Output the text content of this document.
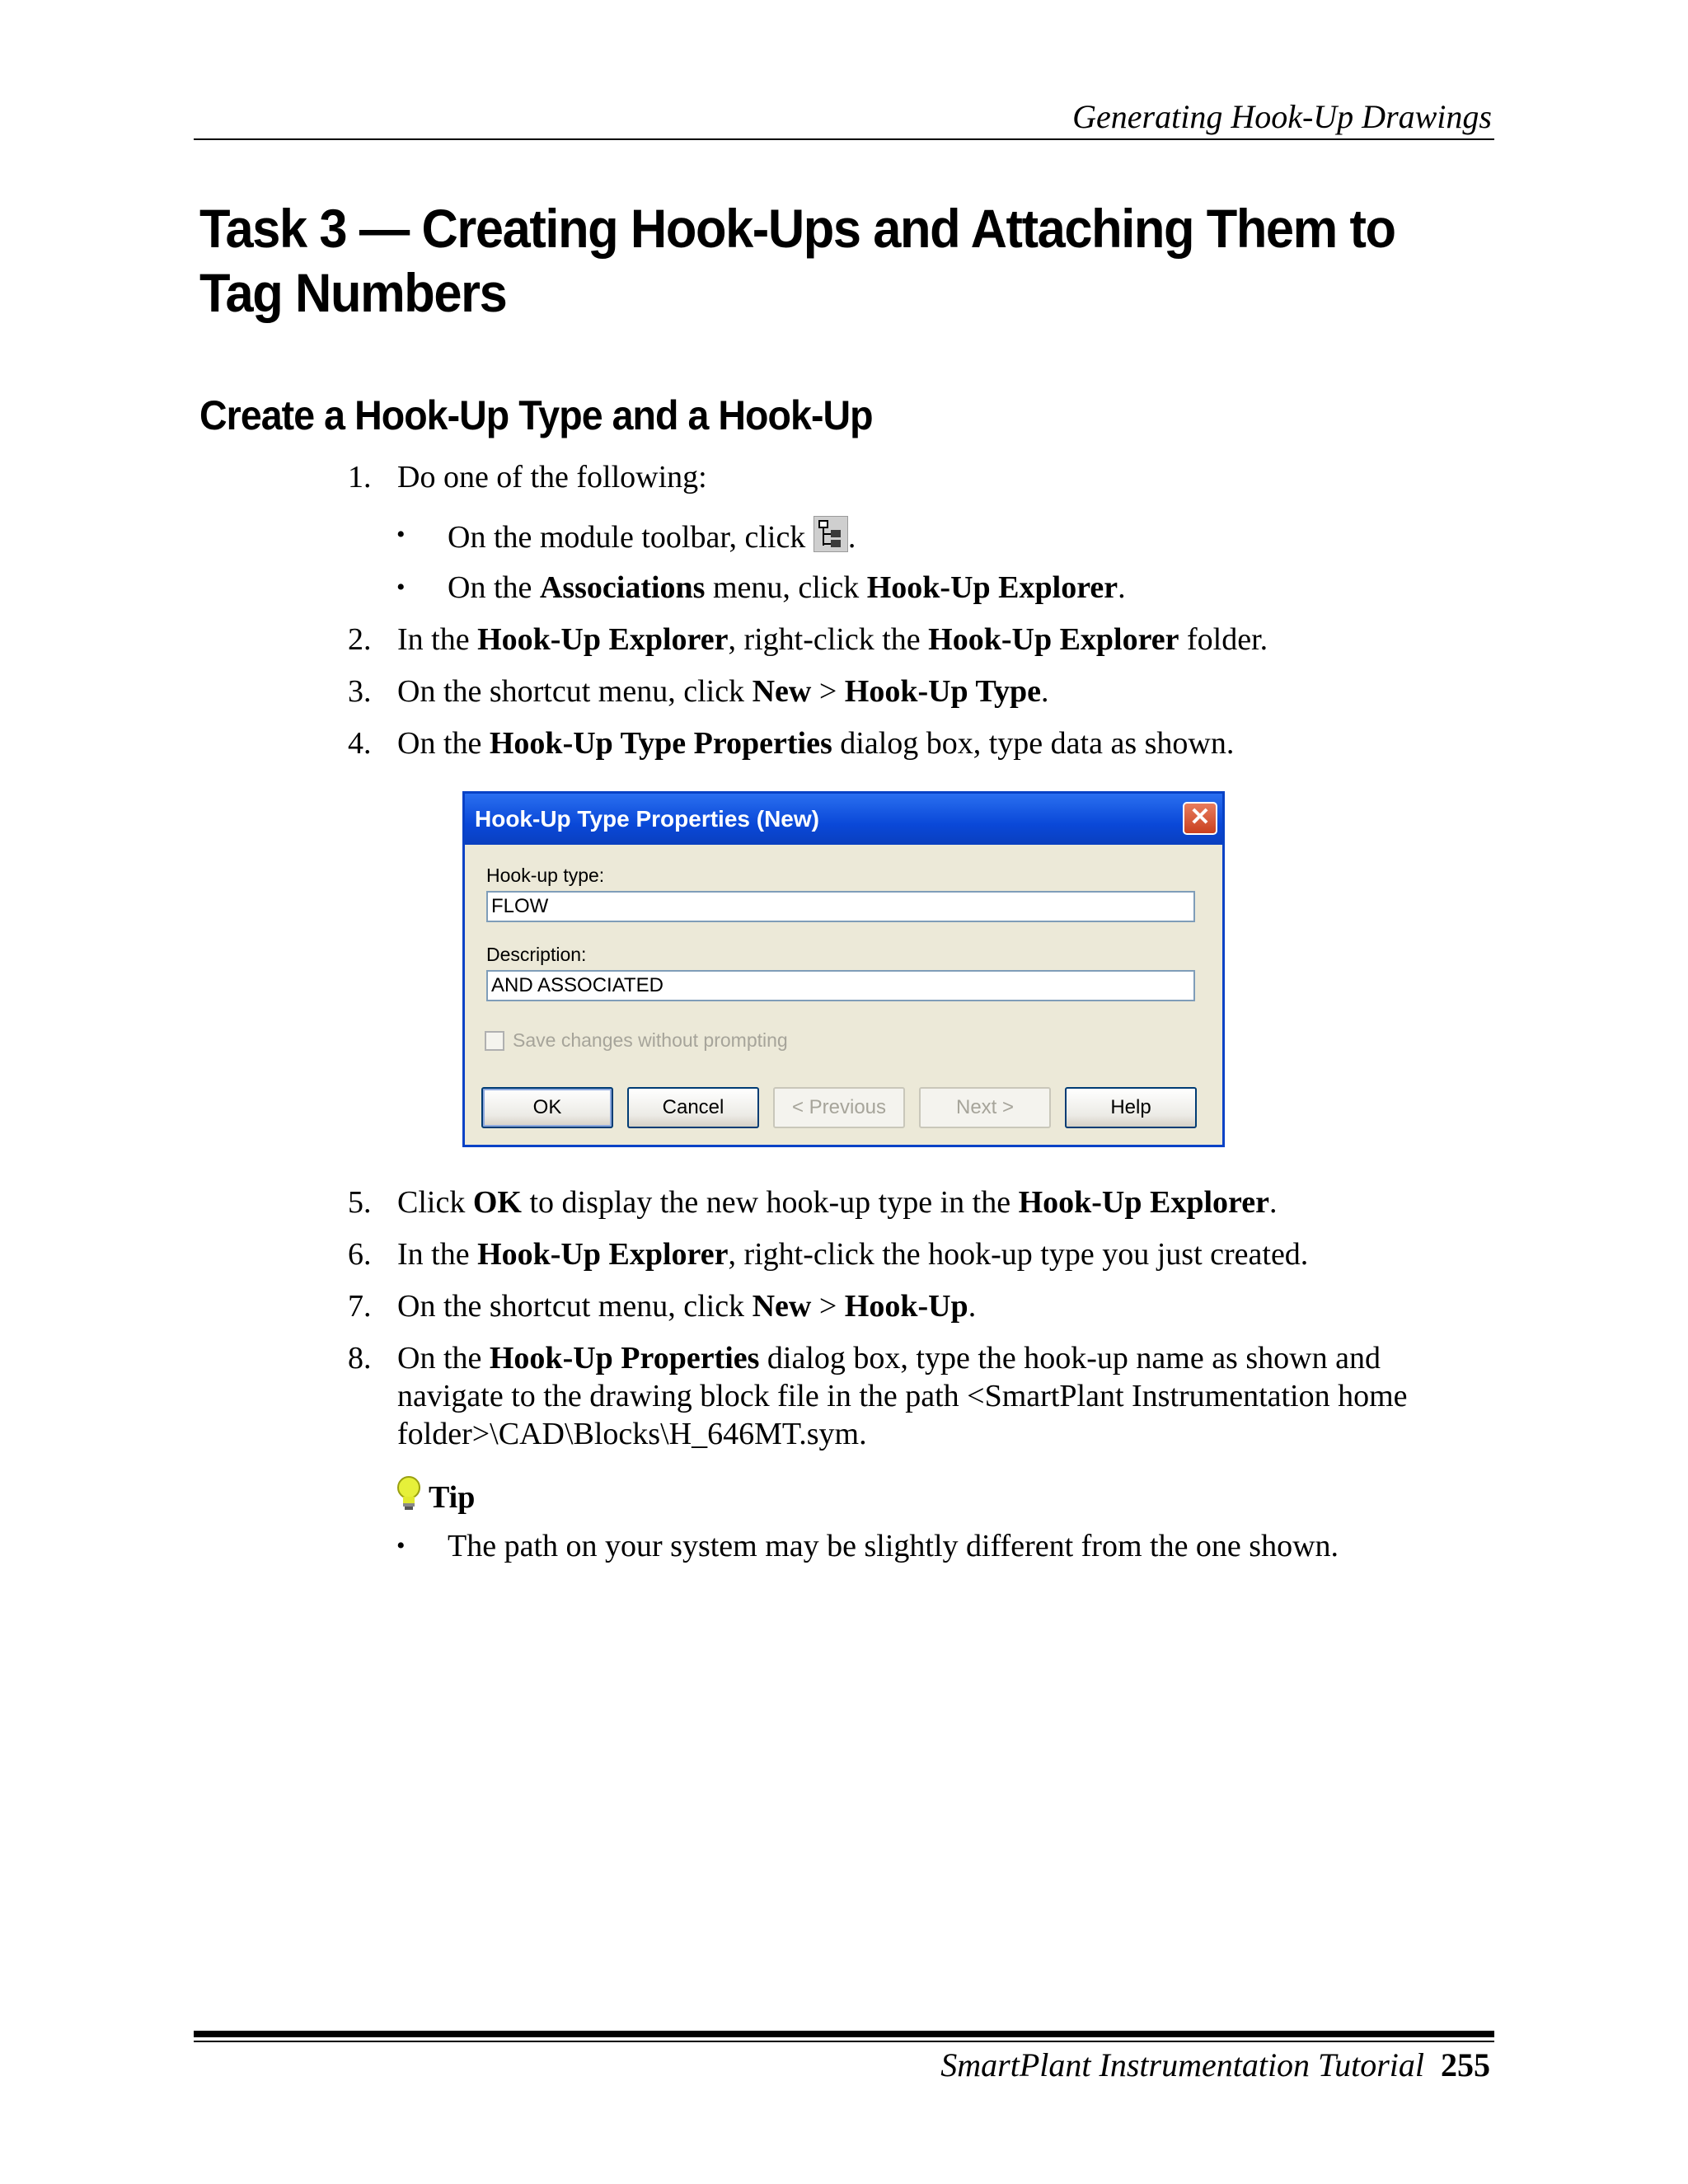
Generating Hook-Up Drawings
Task 3 — Creating Hook-Ups and Attaching Them to Tag Numbers
Create a Hook-Up Type and a Hook-Up
1. Do one of the following:
• On the module toolbar, click
.
• On the Associations menu, click Hook-Up Explorer.
2. In the Hook-Up Explorer, right-click the Hook-Up Explorer folder.
3. On the shortcut menu, click New > Hook-Up Type.
4. On the Hook-Up Type Properties dialog box, type data as shown.
Hook-Up Type Properties (New)	✕
Hook-up type:
FLOW
Description:
AND ASSOCIATED
Save changes without prompting
OK	Cancel	< Previous	Next >	Help
5. Click OK to display the new hook-up type in the Hook-Up Explorer.
6. In the Hook-Up Explorer, right-click the hook-up type you just created.
7. On the shortcut menu, click New > Hook-Up.
8. On the Hook-Up Properties dialog box, type the hook-up name as shown and
navigate to the drawing block file in the path <SmartPlant Instrumentation home
folder>\CAD\Blocks\H_646MT.sym.
Tip
• The path on your system may be slightly different from the one shown.
SmartPlant Instrumentation Tutorial 255
